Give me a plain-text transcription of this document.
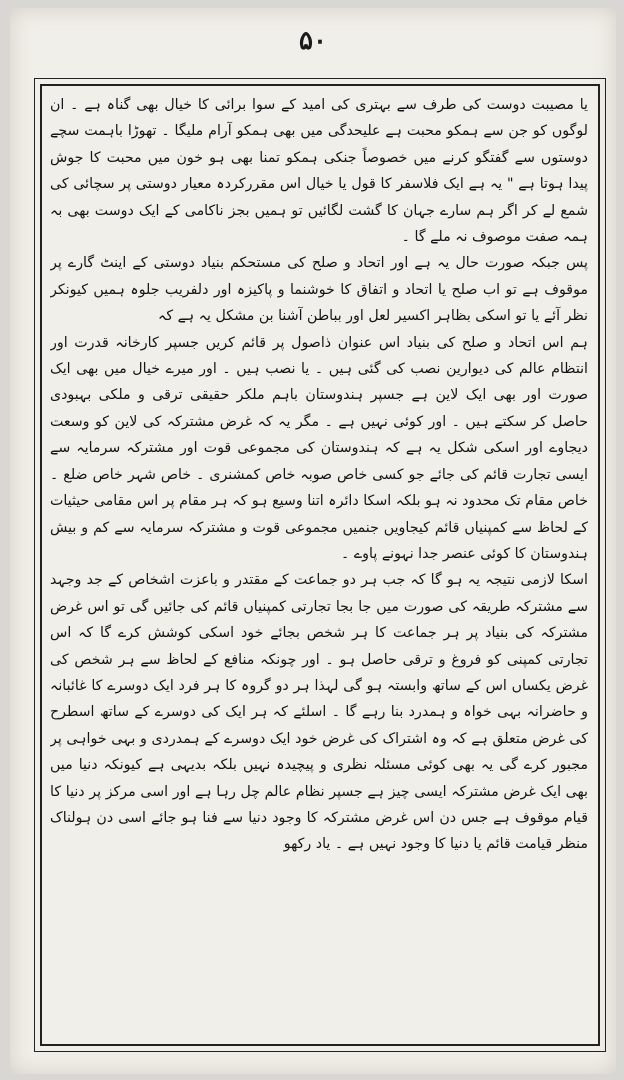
۵۰

یا مصیبت دوست کی طرف سے بہتری کی امید کے سوا برائی کا خیال بھی گناہ ہے ۔ ان لوگوں کو جن سے ہمکو محبت ہے علیحدگی میں بھی ہمکو آرام ملیگا ۔ تھوڑا باہمت سچے دوستوں سے گفتگو کرنے میں خصوصاً جنکی ہمکو تمنا بھی ہو خون میں محبت کا جوش پیدا ہوتا ہے " یہ ہے ایک فلاسفر کا قول یا خیال اس مقررکردہ معیار دوستی پر سچائی کی شمع لے کر اگر ہم سارے جہان کا گشت لگائیں تو ہمیں بجز ناکامی کے ایک دوست بھی بہ ہمہ صفت موصوف نہ ملے گا ۔

پس جبکہ صورت حال یہ ہے اور اتحاد و صلح کی مستحکم بنیاد دوستی کے اینٹ گارے پر موقوف ہے تو اب صلح یا اتحاد و اتفاق کا خوشنما و پاکیزہ اور دلفریب جلوہ ہمیں کیونکر نظر آئے یا تو اسکی بظاہر اکسیر لعل اور بباطن آشنا بن مشکل یہ ہے کہ

ہم اس اتحاد و صلح کی بنیاد اس عنوان ذاصول پر قائم کریں جسپر کارخانہ قدرت اور انتظام عالم کی دیوارین نصب کی گئی ہیں ۔ یا نصب ہیں ۔ اور میرے خیال میں بھی ایک صورت اور بھی ایک لاین ہے جسپر ہندوستان باہم ملکر حقیقی ترقی و ملکی بہبودی حاصل کر سکتے ہیں ۔ اور کوئی نہیں ہے ۔ مگر یہ کہ غرض مشترکہ کی لاین کو وسعت دیجاوے اور اسکی شکل یہ ہے کہ ہندوستان کی مجموعی قوت اور مشترکہ سرمایہ سے ایسی تجارت قائم کی جائے جو کسی خاص صوبہ خاص کمشنری ۔ خاص شہر خاص ضلع ۔ خاص مقام تک محدود نہ ہو بلکہ اسکا دائرہ اتنا وسیع ہو کہ ہر مقام پر اس مقامی حیثیات کے لحاظ سے کمپنیاں قائم کیجاویں جنمیں مجموعی قوت و مشترکہ سرمایہ سے کم و بیش ہندوستان کا کوئی عنصر جدا نہونے پاوے ۔

اسکا لازمی نتیجہ یہ ہو گا کہ جب ہر دو جماعت کے مقتدر و باعزت اشخاص کے جد وجہد سے مشترکہ طریقہ کی صورت میں جا بجا تجارتی کمپنیاں قائم کی جائیں گی تو اس غرض مشترکہ کی بنیاد پر ہر جماعت کا ہر شخص بجائے خود اسکی کوشش کرے گا کہ اس تجارتی کمپنی کو فروغ و ترقی حاصل ہو ۔ اور چونکہ منافع کے لحاظ سے ہر شخص کی غرض یکساں اس کے ساتھ وابستہ ہو گی لہذا ہر دو گروہ کا ہر فرد ایک دوسرے کا غائبانہ و حاضرانہ بہی خواہ و ہمدرد بنا رہے گا ۔ اسلئے کہ ہر ایک کی دوسرے کے ساتھ اسطرح کی غرض متعلق ہے کہ وہ اشتراک کی غرض خود ایک دوسرے کے ہمدردی و بہی خواہی پر مجبور کرے گی یہ بھی کوئی مسئلہ نظری و پیچیدہ نہیں بلکہ بدیہی ہے کیونکہ دنیا میں بھی ایک غرض مشترکہ ایسی چیز ہے جسپر نظام عالم چل رہا ہے اور اسی مرکز پر دنیا کا قیام موقوف ہے جس دن اس غرض مشترکہ کا وجود دنیا سے فنا ہو جائے اسی دن ہولناک منظر قیامت قائم یا دنیا کا وجود نہیں ہے ۔ یاد رکھو
